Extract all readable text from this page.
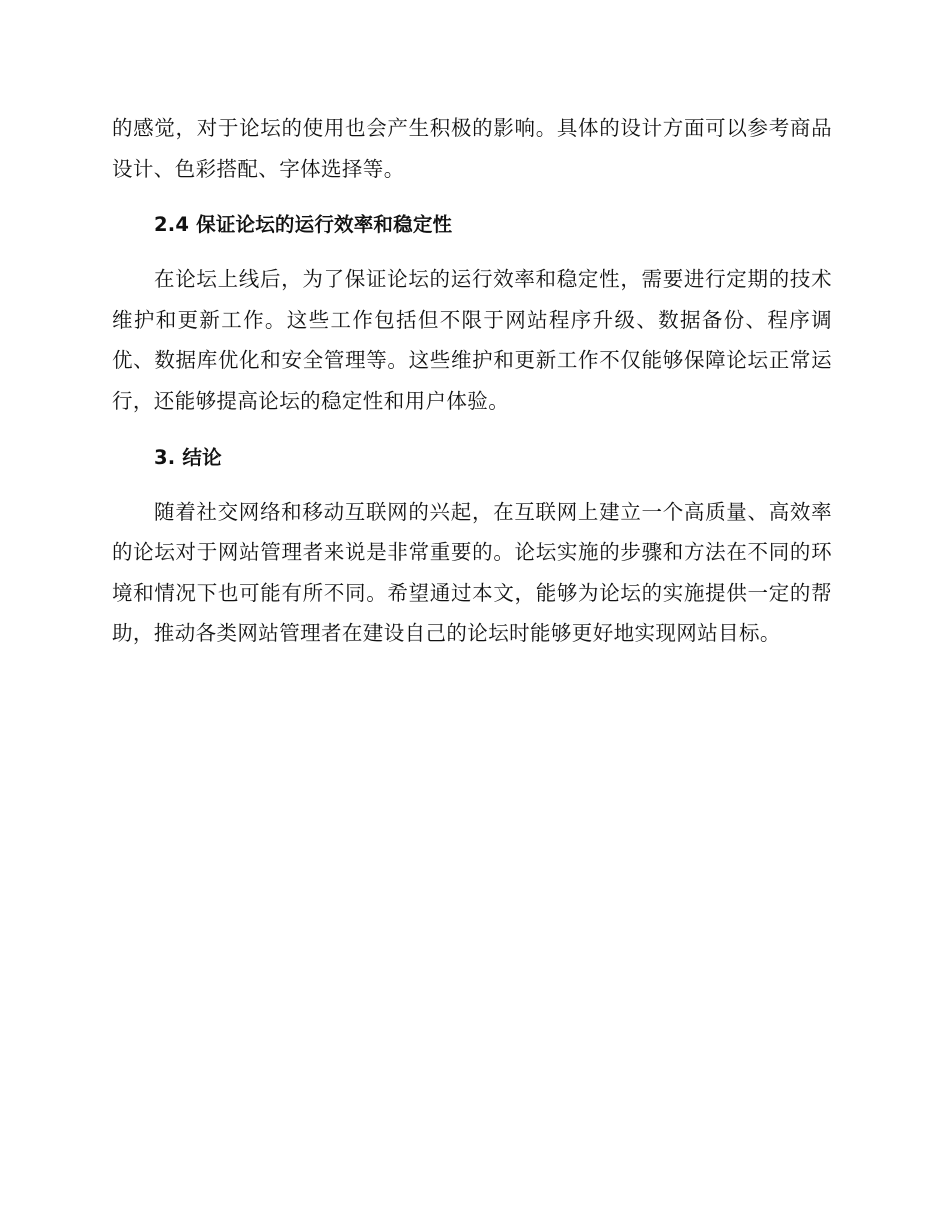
的感觉，对于论坛的使用也会产生积极的影响。具体的设计方面可以参考商品设计、色彩搭配、字体选择等。

2.4 保证论坛的运行效率和稳定性

在论坛上线后，为了保证论坛的运行效率和稳定性，需要进行定期的技术维护和更新工作。这些工作包括但不限于网站程序升级、数据备份、程序调优、数据库优化和安全管理等。这些维护和更新工作不仅能够保障论坛正常运行，还能够提高论坛的稳定性和用户体验。

3. 结论

随着社交网络和移动互联网的兴起，在互联网上建立一个高质量、高效率的论坛对于网站管理者来说是非常重要的。论坛实施的步骤和方法在不同的环境和情况下也可能有所不同。希望通过本文，能够为论坛的实施提供一定的帮助，推动各类网站管理者在建设自己的论坛时能够更好地实现网站目标。
